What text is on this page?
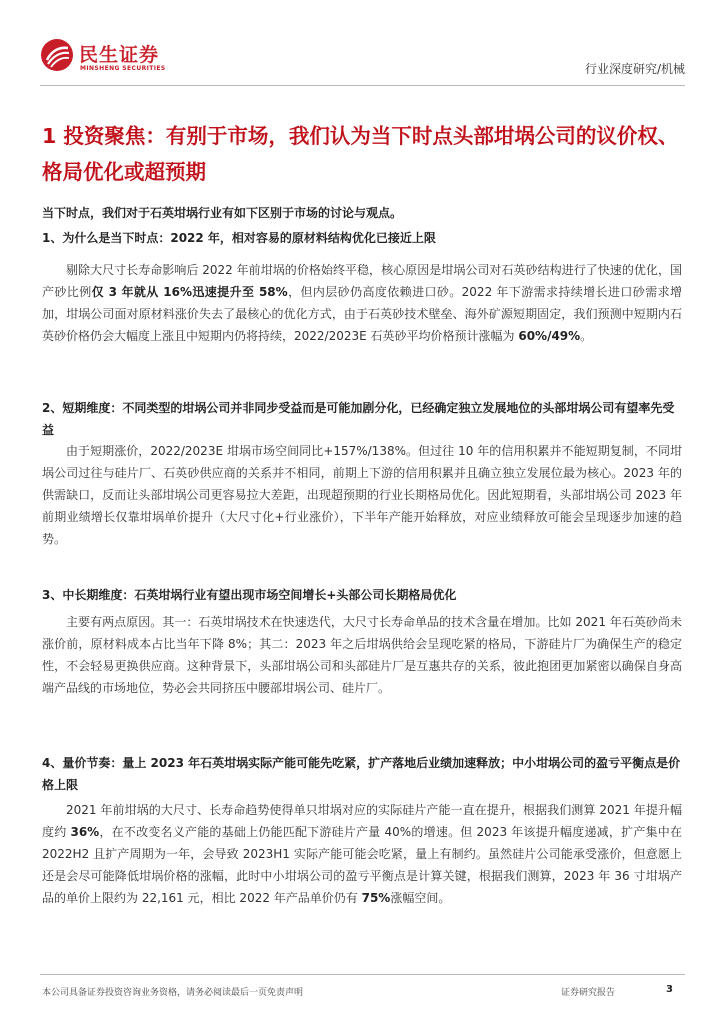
民生证券
MINSHENG SECURITIES	行业深度研究/机械
1 投资聚焦：有别于市场，我们认为当下时点头部坩埚公司的议价权、格局优化或超预期
当下时点，我们对于石英坩埚行业有如下区别于市场的讨论与观点。
1、为什么是当下时点：2022 年，相对容易的原材料结构优化已接近上限
剔除大尺寸长寿命影响后 2022 年前坩埚的价格始终平稳，核心原因是坩埚公司对石英砂结构进行了快速的优化，国产砂比例仅 3 年就从 16%迅速提升至 58%，但内层砂仍高度依赖进口砂。2022 年下游需求持续增长进口砂需求增加，坩埚公司面对原材料涨价失去了最核心的优化方式，由于石英砂技术壁垒、海外矿源短期固定，我们预测中短期内石英砂价格仍会大幅度上涨且中短期内仍将持续，2022/2023E 石英砂平均价格预计涨幅为 60%/49%。
2、短期维度：不同类型的坩埚公司并非同步受益而是可能加剧分化，已经确定独立发展地位的头部坩埚公司有望率先受益
由于短期涨价，2022/2023E 坩埚市场空间同比+157%/138%。但过往 10 年的信用积累并不能短期复制，不同坩埚公司过往与硅片厂、石英砂供应商的关系并不相同，前期上下游的信用积累并且确立独立发展位最为核心。2023 年的供需缺口，反而让头部坩埚公司更容易拉大差距，出现超预期的行业长期格局优化。因此短期看，头部坩埚公司 2023 年前期业绩增长仅靠坩埚单价提升（大尺寸化+行业涨价），下半年产能开始释放，对应业绩释放可能会呈现逐步加速的趋势。
3、中长期维度：石英坩埚行业有望出现市场空间增长+头部公司长期格局优化
主要有两点原因。其一：石英坩埚技术在快速迭代，大尺寸长寿命单品的技术含量在增加。比如 2021 年石英砂尚未涨价前，原材料成本占比当年下降 8%；其二：2023 年之后坩埚供给会呈现吃紧的格局，下游硅片厂为确保生产的稳定性，不会轻易更换供应商。这种背景下，头部坩埚公司和头部硅片厂是互惠共存的关系，彼此抱团更加紧密以确保自身高端产品线的市场地位，势必会共同挤压中腰部坩埚公司、硅片厂。
4、量价节奏：量上 2023 年石英坩埚实际产能可能先吃紧，扩产落地后业绩加速释放；中小坩埚公司的盈亏平衡点是价格上限
2021 年前坩埚的大尺寸、长寿命趋势使得单只坩埚对应的实际硅片产能一直在提升，根据我们测算 2021 年提升幅度约 36%，在不改变名义产能的基础上仍能匹配下游硅片产量 40%的增速。但 2023 年该提升幅度递减，扩产集中在 2022H2 且扩产周期为一年，会导致 2023H1 实际产能可能会吃紧，量上有制约。虽然硅片公司能承受涨价，但意愿上还是会尽可能降低坩埚价格的涨幅，此时中小坩埚公司的盈亏平衡点是计算关键，根据我们测算，2023 年 36 寸坩埚产品的单价上限约为 22,161 元，相比 2022 年产品单价仍有 75%涨幅空间。
本公司具备证券投资咨询业务资格，请务必阅读最后一页免责声明	证券研究报告	3
